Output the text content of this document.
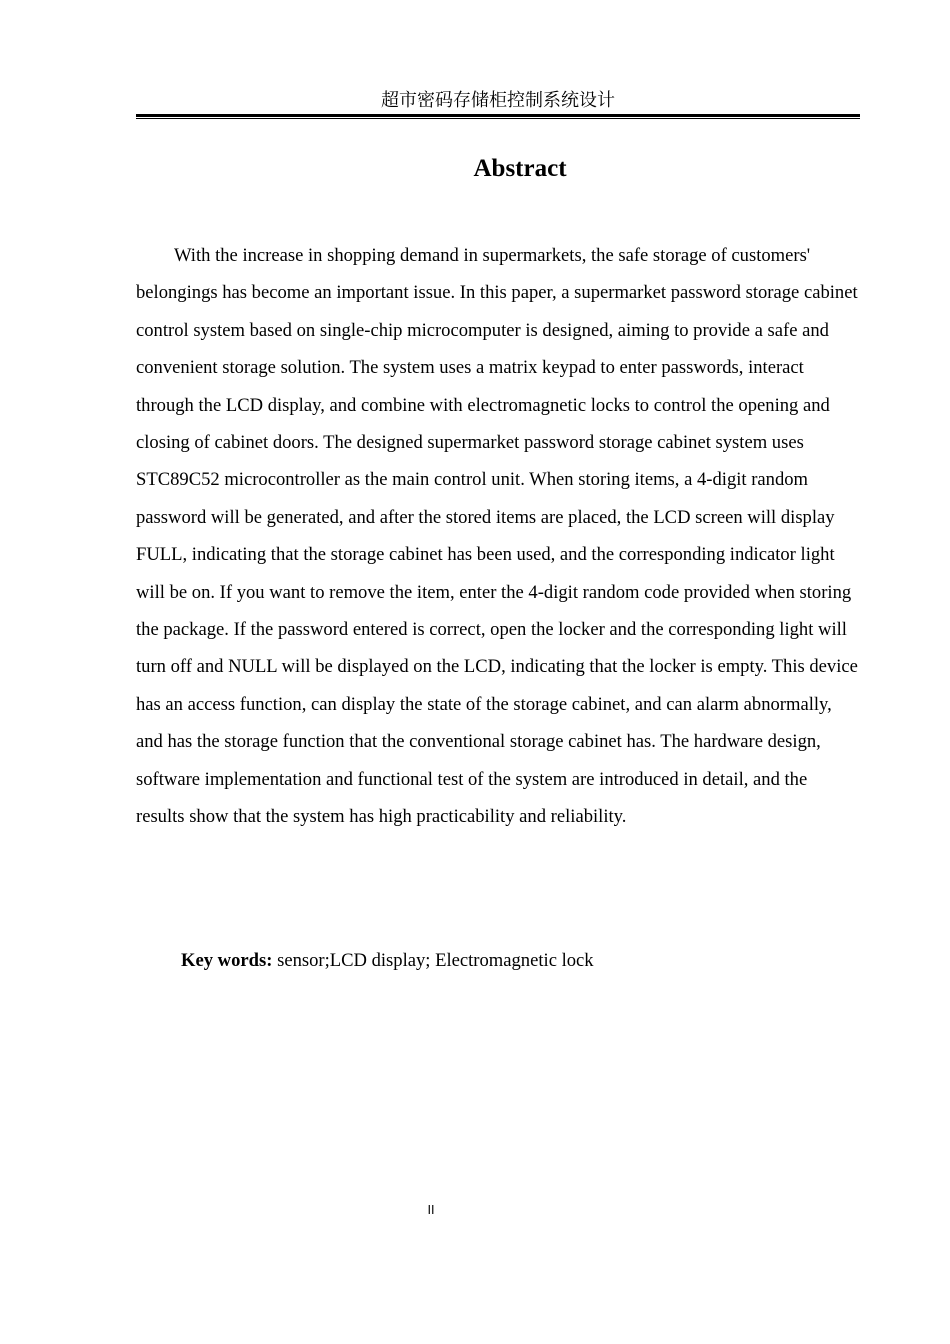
超市密码存储柜控制系统设计
Abstract

With the increase in shopping demand in supermarkets, the safe storage of customers' belongings has become an important issue. In this paper, a supermarket password storage cabinet control system based on single-chip microcomputer is designed, aiming to provide a safe and convenient storage solution. The system uses a matrix keypad to enter passwords, interact through the LCD display, and combine with electromagnetic locks to control the opening and closing of cabinet doors. The designed supermarket password storage cabinet system uses STC89C52 microcontroller as the main control unit. When storing items, a 4-digit random password will be generated, and after the stored items are placed, the LCD screen will display FULL, indicating that the storage cabinet has been used, and the corresponding indicator light will be on. If you want to remove the item, enter the 4-digit random code provided when storing the package. If the password entered is correct, open the locker and the corresponding light will turn off and NULL will be displayed on the LCD, indicating that the locker is empty. This device has an access function, can display the state of the storage cabinet, and can alarm abnormally, and has the storage function that the conventional storage cabinet has. The hardware design, software implementation and functional test of the system are introduced in detail, and the results show that the system has high practicability and reliability.

Key words: sensor;LCD display; Electromagnetic lock
II
